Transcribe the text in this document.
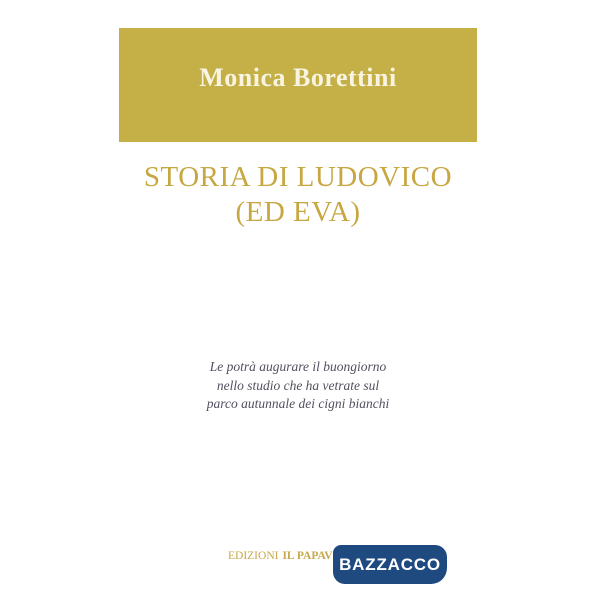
Monica Borettini
STORIA DI LUDOVICO
(ED EVA)
Le potrà augurare il buongiorno
nello studio che ha vetrate sul
parco autunnale dei cigni bianchi
EDIZIONI IL PAPAV BAZZACCO
